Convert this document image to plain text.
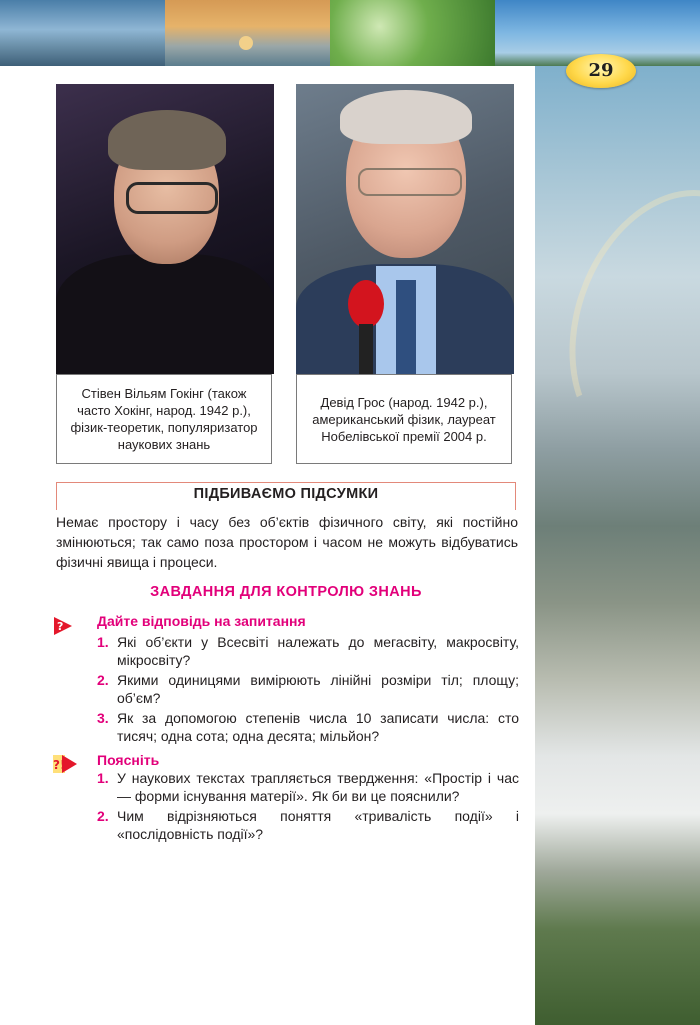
29
Стівен Вільям Гокінг (також часто Хокінг, народ. 1942 р.), фізик-теоретик, популяризатор наукових знань
Девід Грос (народ. 1942 р.), американський фізик, лауреат Нобелівської премії 2004 р.
ПІДБИВАЄМО ПІДСУМКИ
Немає простору і часу без об’єктів фізичного світу, які постійно змінюються; так само поза простором і часом не можуть відбуватись фізичні явища і процеси.
ЗАВДАННЯ ДЛЯ КОНТРОЛЮ ЗНАНЬ
? Дайте відповідь на запитання
1. Які об’єкти у Всесвіті належать до мегасвіту, макросвіту, мікросвіту?
2. Якими одиницями вимірюють лінійні розміри тіл; площу; об’єм?
3. Як за допомогою степенів числа 10 записати числа: сто тисяч; одна сота; одна десята; мільйон?
?! Поясніть
1. У наукових текстах трапляється твердження: «Простір і час — форми існування матерії». Як би ви це пояснили?
2. Чим відрізняються поняття «тривалість події» і «послідовність події»?
